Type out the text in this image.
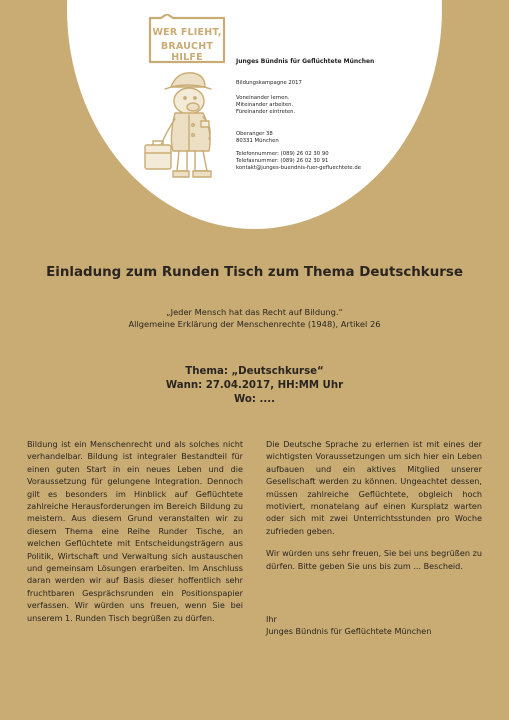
WER FLIEHT,
BRAUCHT HILFE	Junges Bündnis für Geflüchtete München
Bildungskampagne 2017
Voneinander lernen.
Miteinander arbeiten.
Füreinander eintreten.
Oberanger 38
80331 München
Telefonnummer: (089) 26 02 30 90
Telefaxnummer: (089) 26 02 30 91
kontakt@junges-buendnis-fuer-gefluechtete.de
Einladung zum Runden Tisch zum Thema Deutschkurse
„Jeder Mensch hat das Recht auf Bildung.“
Allgemeine Erklärung der Menschenrechte (1948), Artikel 26
Thema: „Deutschkurse“
Wann: 27.04.2017, HH:MM Uhr
Wo: ....

Bildung ist ein Menschenrecht und als solches nicht verhandelbar. Bildung ist integraler Bestandteil für einen guten Start in ein neues Leben und die Voraussetzung für gelungene Integration. Dennoch gilt es besonders im Hinblick auf Geflüchtete zahlreiche Herausforderungen im Bereich Bildung zu meistern. Aus diesem Grund veranstalten wir zu diesem Thema eine Reihe Runder Tische, an welchen Geflüchtete mit Entscheidungsträgern aus Politik, Wirtschaft und Verwaltung sich austauschen und gemeinsam Lösungen erarbeiten. Im Anschluss daran werden wir auf Basis dieser hoffentlich sehr fruchtbaren Gesprächsrunden ein Positionspapier verfassen. Wir würden uns freuen, wenn Sie bei unserem 1. Runden Tisch begrüßen zu dürfen.

Die Deutsche Sprache zu erlernen ist mit eines der wichtigsten Voraussetzungen um sich hier ein Leben aufbauen und ein aktives Mitglied unserer Gesellschaft werden zu können. Ungeachtet dessen, müssen zahlreiche Geflüchtete, obgleich hoch motiviert, monatelang auf einen Kursplatz warten oder sich mit zwei Unterrichtsstunden pro Woche zufrieden geben.

Wir würden uns sehr freuen, Sie bei uns begrüßen zu dürfen. Bitte geben Sie uns bis zum ... Bescheid.

Ihr
Junges Bündnis für Geflüchtete München
